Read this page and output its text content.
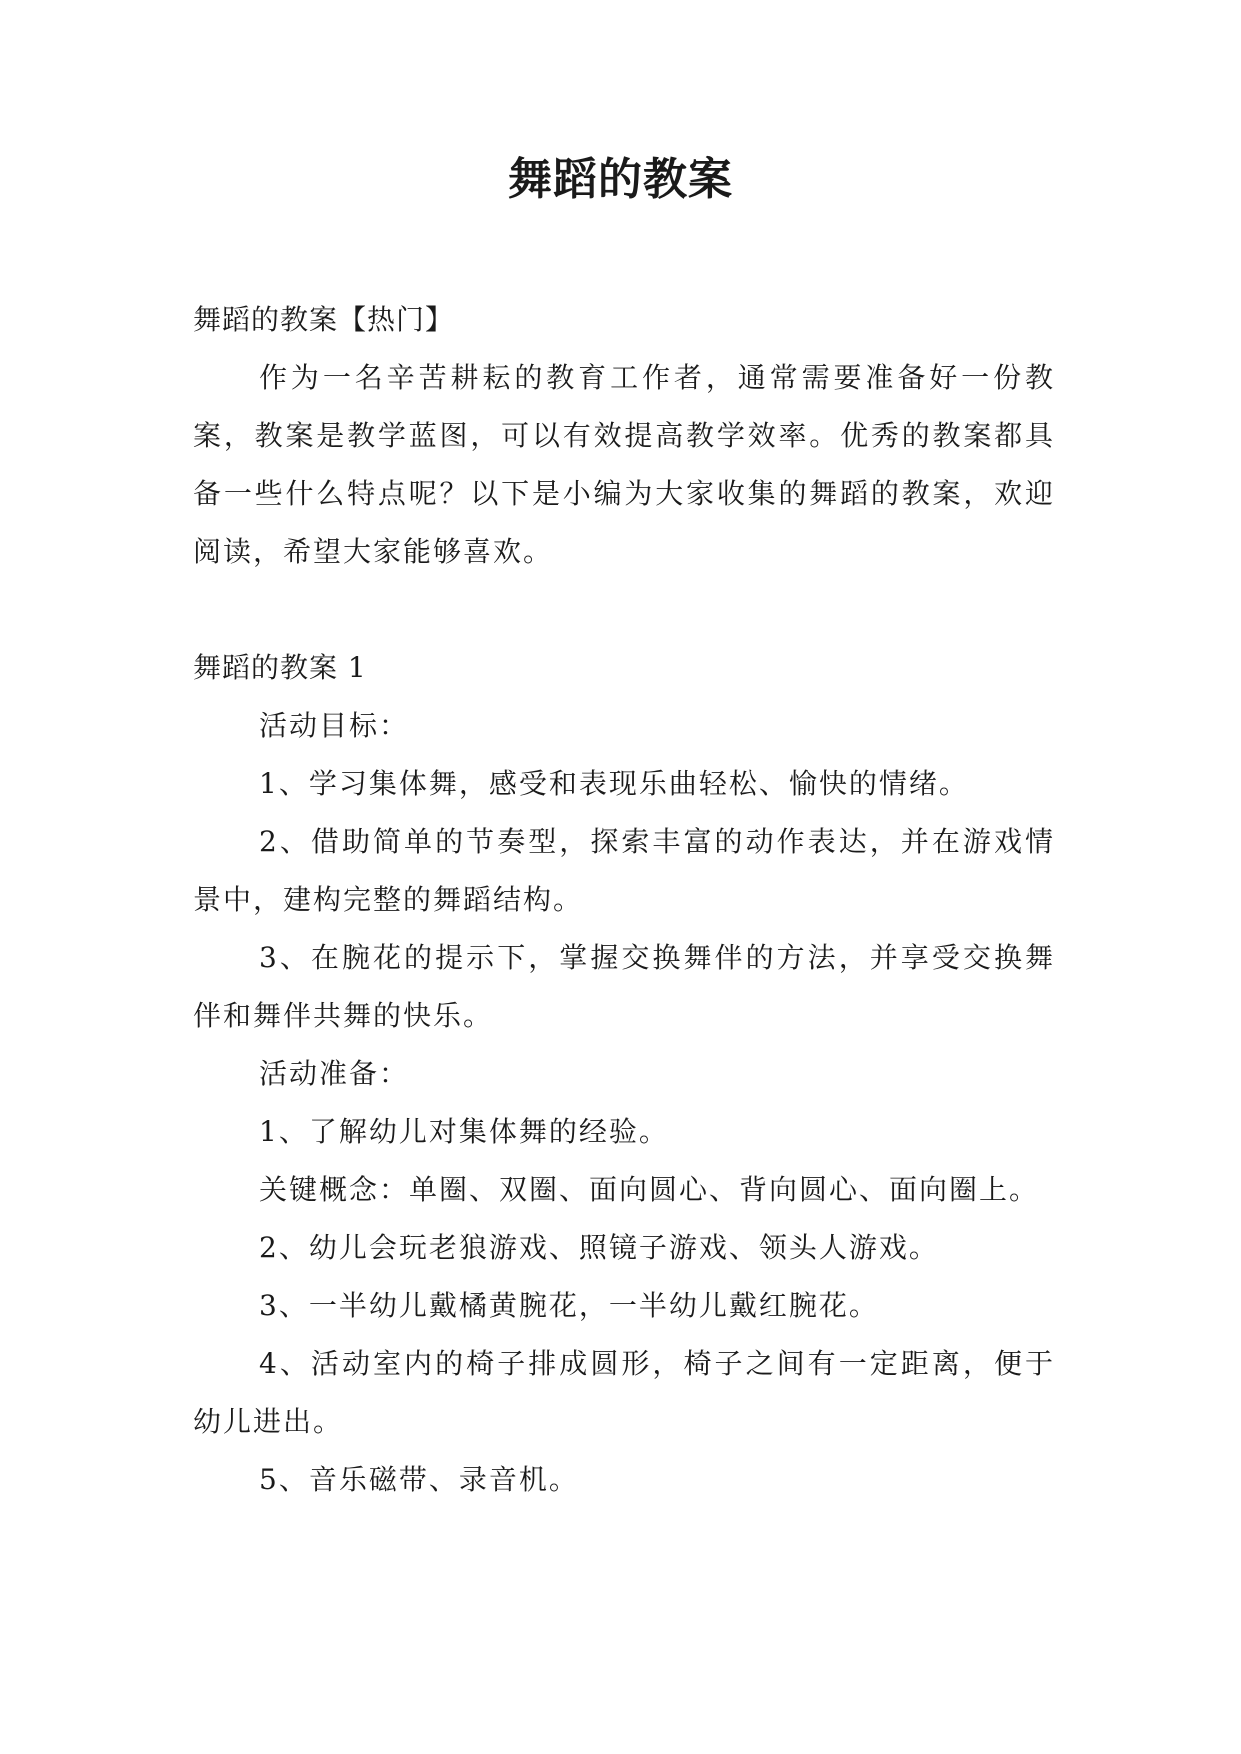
舞蹈的教案

舞蹈的教案【热门】

作为一名辛苦耕耘的教育工作者，通常需要准备好一份教案，教案是教学蓝图，可以有效提高教学效率。优秀的教案都具备一些什么特点呢？以下是小编为大家收集的舞蹈的教案，欢迎阅读，希望大家能够喜欢。

舞蹈的教案 1

活动目标：

1、学习集体舞，感受和表现乐曲轻松、愉快的情绪。

2、借助简单的节奏型，探索丰富的动作表达，并在游戏情景中，建构完整的舞蹈结构。

3、在腕花的提示下，掌握交换舞伴的方法，并享受交换舞伴和舞伴共舞的快乐。

活动准备：

1、了解幼儿对集体舞的经验。

关键概念：单圈、双圈、面向圆心、背向圆心、面向圈上。

2、幼儿会玩老狼游戏、照镜子游戏、领头人游戏。

3、一半幼儿戴橘黄腕花，一半幼儿戴红腕花。

4、活动室内的椅子排成圆形，椅子之间有一定距离，便于幼儿进出。

5、音乐磁带、录音机。
